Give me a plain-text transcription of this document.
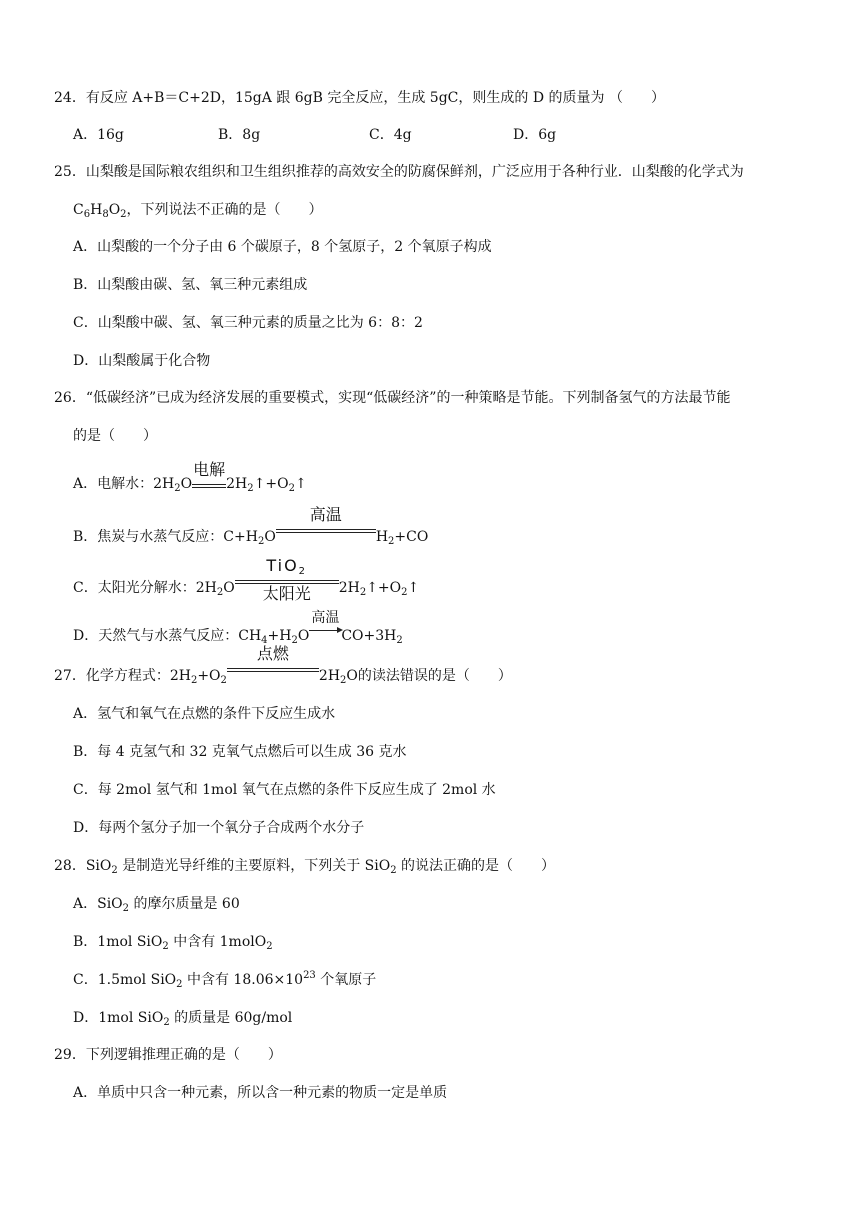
24．有反应 A+B＝C+2D，15gA 跟 6gB 完全反应，生成 5gC，则生成的 D 的质量为 （　　）
A．16g	B．8g	C．4g	D．6g
25．山梨酸是国际粮农组织和卫生组织推荐的高效安全的防腐保鲜剂，广泛应用于各种行业．山梨酸的化学式为
$C_6H_8O_2$，下列说法不正确的是（　　）
A．山梨酸的一个分子由 6 个碳原子，8 个氢原子，2 个氧原子构成
B．山梨酸由碳、氢、氧三种元素组成
C．山梨酸中碳、氢、氧三种元素的质量之比为 6：8：2
D．山梨酸属于化合物
26．“低碳经济”已成为经济发展的重要模式，实现“低碳经济”的一种策略是节能。下列制备氢气的方法最节能
的是（　　）
A．电解水：$2H_2O$
电解
$2H_2↑+O_2↑$
B．焦炭与水蒸气反应：$C+H_2O$
高温
$H_2+CO$
C．太阳光分解水：$2H_2O$
TiO$_2$
太阳光	$2H_2↑+O_2↑$
D．天然气与水蒸气反应：$CH_4+H_2O$
高温
$CO+3H_2$
27．化学方程式：$2H_2+O_2$
点燃
$2H_2O$的读法错误的是（　　）
A．氢气和氧气在点燃的条件下反应生成水
B．每 4 克氢气和 32 克氧气点燃后可以生成 36 克水
C．每 2mol 氢气和 1mol 氧气在点燃的条件下反应生成了 2mol 水
D．每两个氢分子加一个氧分子合成两个水分子
28．SiO$_2$ 是制造光导纤维的主要原料，下列关于 SiO$_2$ 的说法正确的是（　　）
A．SiO$_2$ 的摩尔质量是 60
B．1mol SiO$_2$ 中含有 1molO$_2$
C．1.5mol SiO$_2$ 中含有 $18.06\times 10^{23}$ 个氧原子
D．1mol SiO$_2$ 的质量是 60g/mol
29．下列逻辑推理正确的是（　　）
A．单质中只含一种元素，所以含一种元素的物质一定是单质
